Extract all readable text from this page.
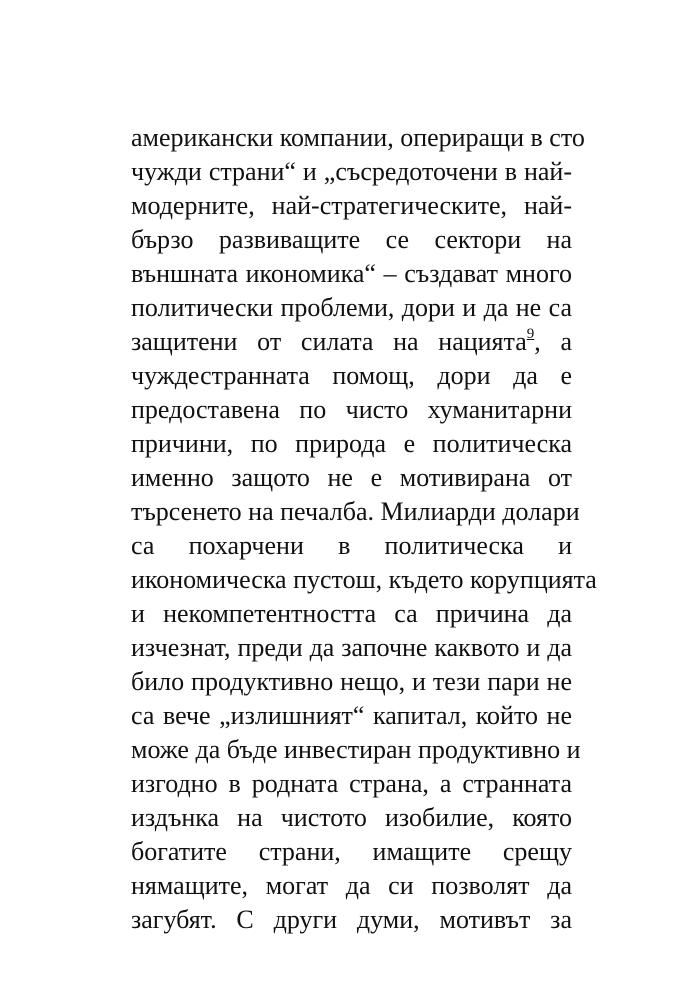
американски компании, опериращи в сто
чужди страни“ и „съсредоточени в най-
модерните, най-стратегическите, най-
бързо развиващите се сектори на
външната икономика“ – създават много
политически проблеми, дори и да не са
защитени от силата на нацията$^9$, а
чуждестранната помощ, дори да е
предоставена по чисто хуманитарни
причини, по природа е политическа
именно защото не е мотивирана от
търсенето на печалба. Милиарди долари
са похарчени в политическа и
икономическа пустош, където корупцията
и некомпетентността са причина да
изчезнат, преди да започне каквото и да
било продуктивно нещо, и тези пари не
са вече „излишният“ капитал, който не
може да бъде инвестиран продуктивно и
изгодно в родната страна, а странната
издънка на чистото изобилие, която
богатите страни, имащите срещу
нямащите, могат да си позволят да
загубят. С други думи, мотивът за
